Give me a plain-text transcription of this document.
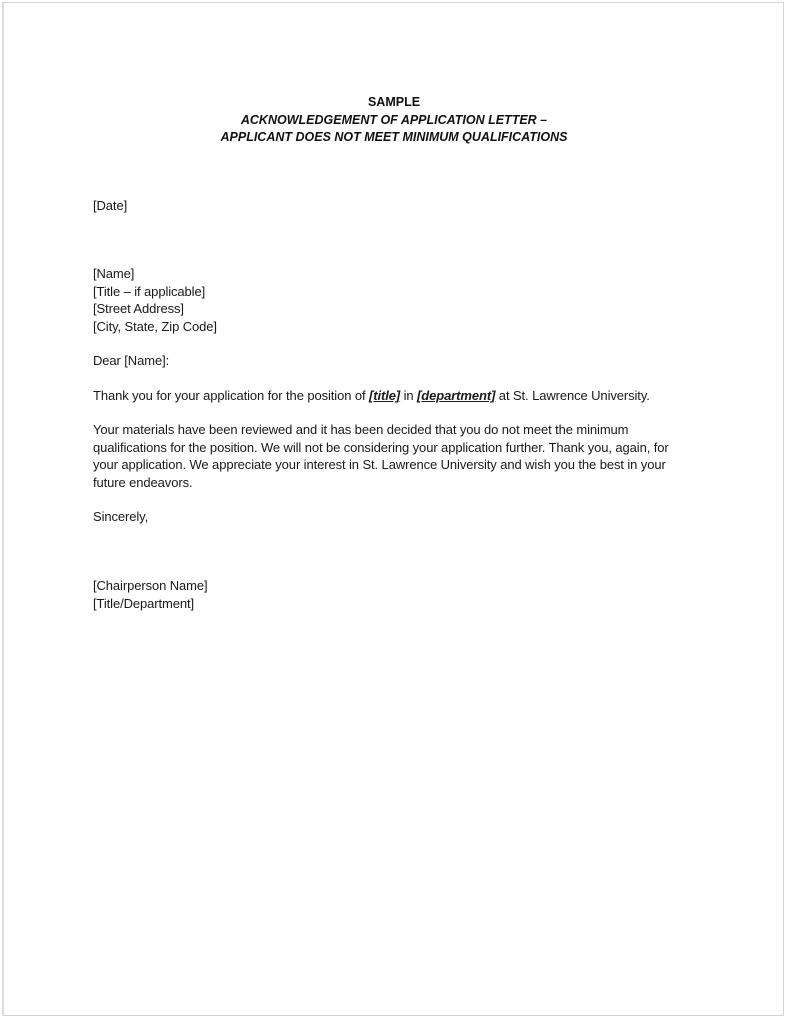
SAMPLE
ACKNOWLEDGEMENT OF APPLICATION LETTER –
APPLICANT DOES NOT MEET MINIMUM QUALIFICATIONS
[Date]
[Name]
[Title – if applicable]
[Street Address]
[City, State, Zip Code]
Dear [Name]:
Thank you for your application for the position of [title] in [department] at St. Lawrence University.
Your materials have been reviewed and it has been decided that you do not meet the minimum
qualifications for the position. We will not be considering your application further. Thank you, again, for
your application. We appreciate your interest in St. Lawrence University and wish you the best in your
future endeavors.
Sincerely,
[Chairperson Name]
[Title/Department]
